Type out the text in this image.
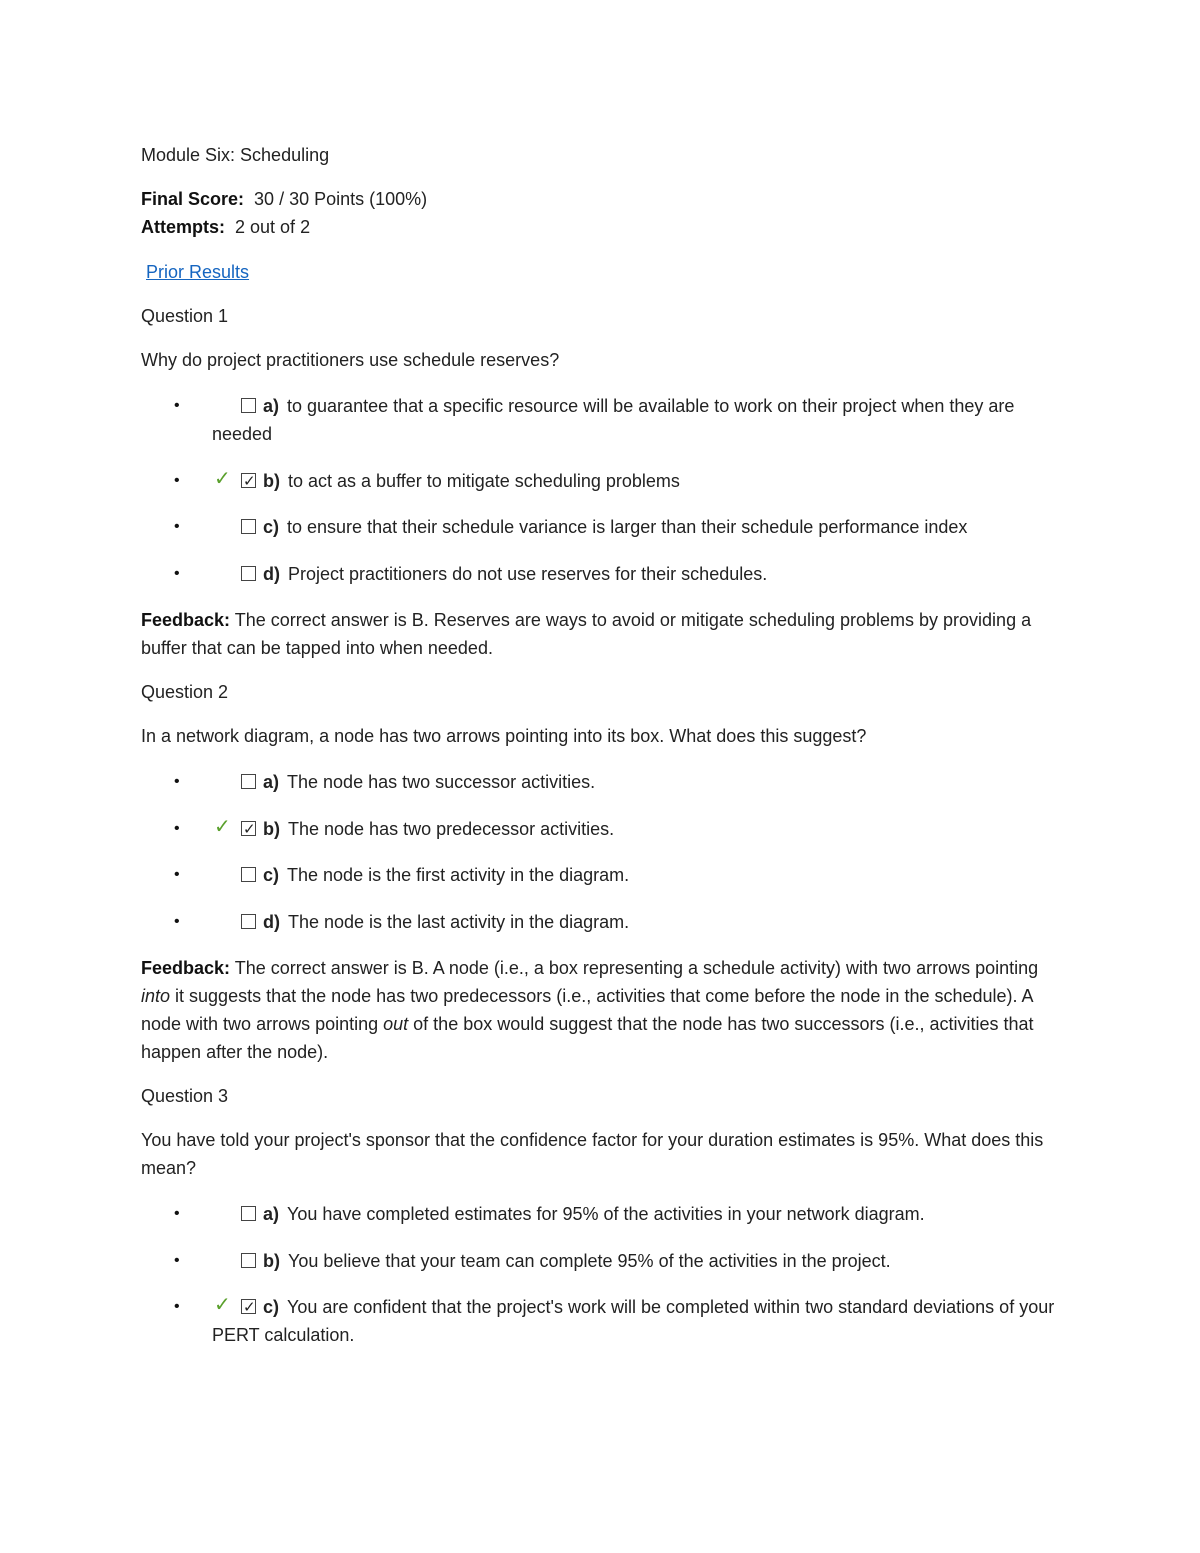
Module Six: Scheduling

Final Score: 30 / 30 Points (100%)

Attempts: 2 out of 2

Prior Results

Question 1

Why do project practitioners use schedule reserves?

•	a) to guarantee that a specific resource will be available to work on their project when they are needed
• ✓ ✓ b) to act as a buffer to mitigate scheduling problems
•	c) to ensure that their schedule variance is larger than their schedule performance index
•	d) Project practitioners do not use reserves for their schedules.

Feedback: The correct answer is B. Reserves are ways to avoid or mitigate scheduling problems by providing a buffer that can be tapped into when needed.

Question 2

In a network diagram, a node has two arrows pointing into its box. What does this suggest?

•	a) The node has two successor activities.
• ✓ ✓ b) The node has two predecessor activities.
•	c) The node is the first activity in the diagram.
•	d) The node is the last activity in the diagram.

Feedback: The correct answer is B. A node (i.e., a box representing a schedule activity) with two arrows pointing into it suggests that the node has two predecessors (i.e., activities that come before the node in the schedule). A node with two arrows pointing out of the box would suggest that the node has two successors (i.e., activities that happen after the node).

Question 3

You have told your project's sponsor that the confidence factor for your duration estimates is 95%. What does this mean?

•	a) You have completed estimates for 95% of the activities in your network diagram.
•	b) You believe that your team can complete 95% of the activities in the project.
• ✓ ✓ c) You are confident that the project's work will be completed within two standard deviations of your PERT calculation.
